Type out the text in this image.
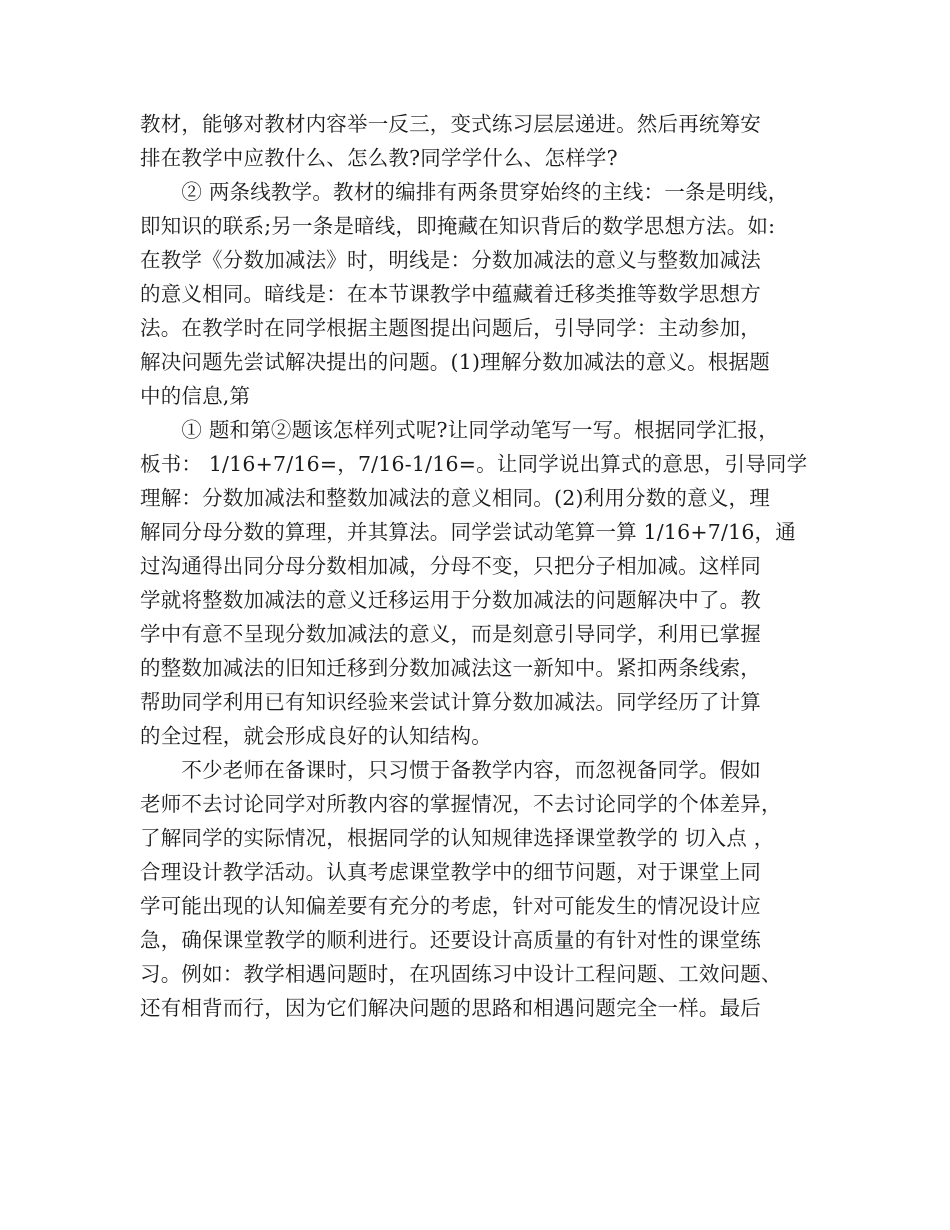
教材，能够对教材内容举一反三，变式练习层层递进。然后再统筹安
排在教学中应教什么、怎么教?同学学什么、怎样学?
　　② 两条线教学。教材的编排有两条贯穿始终的主线：一条是明线，
即知识的联系;另一条是暗线，即掩藏在知识背后的数学思想方法。如:
在教学《分数加减法》时，明线是：分数加减法的意义与整数加减法
的意义相同。暗线是：在本节课教学中蕴藏着迁移类推等数学思想方
法。在教学时在同学根据主题图提出问题后，引导同学：主动参加，
解决问题先尝试解决提出的问题。(1)理解分数加减法的意义。根据题
中的信息,第
　　① 题和第②题该怎样列式呢?让同学动笔写一写。根据同学汇报，
板书： 1/16+7/16=，7/16-1/16=。让同学说出算式的意思，引导同学
理解：分数加减法和整数加减法的意义相同。(2)利用分数的意义，理
解同分母分数的算理，并其算法。同学尝试动笔算一算 1/16+7/16，通
过沟通得出同分母分数相加减，分母不变，只把分子相加减。这样同
学就将整数加减法的意义迁移运用于分数加减法的问题解决中了。教
学中有意不呈现分数加减法的意义，而是刻意引导同学，利用已掌握
的整数加减法的旧知迁移到分数加减法这一新知中。紧扣两条线索，
帮助同学利用已有知识经验来尝试计算分数加减法。同学经历了计算
的全过程，就会形成良好的认知结构。
　　不少老师在备课时，只习惯于备教学内容，而忽视备同学。假如
老师不去讨论同学对所教内容的掌握情况，不去讨论同学的个体差异，
了解同学的实际情况，根据同学的认知规律选择课堂教学的 切入点 ，
合理设计教学活动。认真考虑课堂教学中的细节问题，对于课堂上同
学可能出现的认知偏差要有充分的考虑，针对可能发生的情况设计应
急，确保课堂教学的顺利进行。还要设计高质量的有针对性的课堂练
习。例如：教学相遇问题时，在巩固练习中设计工程问题、工效问题、
还有相背而行，因为它们解决问题的思路和相遇问题完全一样。最后
